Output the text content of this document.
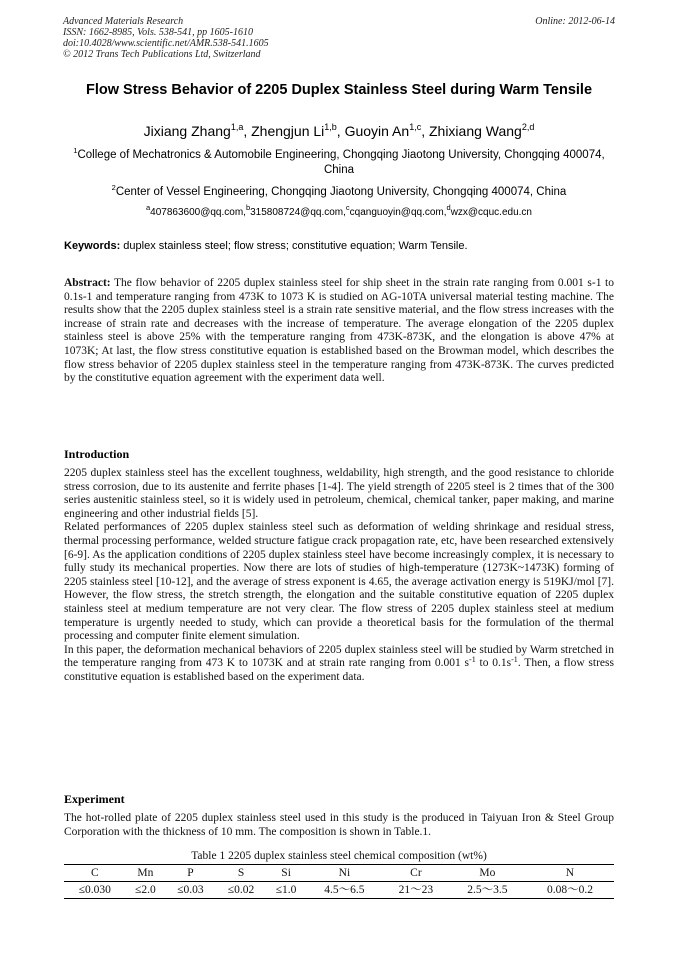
Advanced Materials Research
ISSN: 1662-8985, Vols. 538-541, pp 1605-1610
doi:10.4028/www.scientific.net/AMR.538-541.1605
© 2012 Trans Tech Publications Ltd, Switzerland
Online: 2012-06-14
Flow Stress Behavior of 2205 Duplex Stainless Steel during Warm Tensile
Jixiang Zhang$^{1,a}$, Zhengjun Li$^{1,b}$, Guoyin An$^{1,c}$, Zhixiang Wang$^{2,d}$
$^1$College of Mechatronics & Automobile Engineering, Chongqing Jiaotong University, Chongqing 400074, China
$^2$Center of Vessel Engineering, Chongqing Jiaotong University, Chongqing 400074, China
$^a$407863600@qq.com,$^b$315808724@qq.com,$^c$cqanguoyin@qq.com,$^d$wzx@cquc.edu.cn
Keywords: duplex stainless steel; flow stress; constitutive equation; Warm Tensile.
Abstract: The flow behavior of 2205 duplex stainless steel for ship sheet in the strain rate ranging from 0.001 s-1 to 0.1s-1 and temperature ranging from 473K to 1073 K is studied on AG-10TA universal material testing machine. The results show that the 2205 duplex stainless steel is a strain rate sensitive material, and the flow stress increases with the increase of strain rate and decreases with the increase of temperature. The average elongation of the 2205 duplex stainless steel is above 25% with the temperature ranging from 473K-873K, and the elongation is above 47% at 1073K; At last, the flow stress constitutive equation is established based on the Browman model, which describes the flow stress behavior of 2205 duplex stainless steel in the temperature ranging from 473K-873K. The curves predicted by the constitutive equation agreement with the experiment data well.
Introduction

2205 duplex stainless steel has the excellent toughness, weldability, high strength, and the good resistance to chloride stress corrosion, due to its austenite and ferrite phases [1-4]. The yield strength of 2205 steel is 2 times that of the 300 series austenitic stainless steel, so it is widely used in petroleum, chemical, chemical tanker, paper making, and marine engineering and other industrial fields [5].

Related performances of 2205 duplex stainless steel such as deformation of welding shrinkage and residual stress, thermal processing performance, welded structure fatigue crack propagation rate, etc, have been researched extensively [6-9]. As the application conditions of 2205 duplex stainless steel have become increasingly complex, it is necessary to fully study its mechanical properties. Now there are lots of studies of high-temperature (1273K~1473K) forming of 2205 stainless steel [10-12], and the average of stress exponent is 4.65, the average activation energy is 519KJ/mol [7]. However, the flow stress, the stretch strength, the elongation and the suitable constitutive equation of 2205 duplex stainless steel at medium temperature are not very clear. The flow stress of 2205 duplex stainless steel at medium temperature is urgently needed to study, which can provide a theoretical basis for the formulation of the thermal processing and computer finite element simulation.

In this paper, the deformation mechanical behaviors of 2205 duplex stainless steel will be studied by Warm stretched in the temperature ranging from 473 K to 1073K and at strain rate ranging from 0.001 $s^{-1}$ to $0.1s^{-1}$. Then, a flow stress constitutive equation is established based on the experiment data.

Experiment

The hot-rolled plate of 2205 duplex stainless steel used in this study is the produced in Taiyuan Iron & Steel Group Corporation with the thickness of 10 mm. The composition is shown in Table.1.

Table 1 2205 duplex stainless steel chemical composition (wt%)
C	Mn	P	S	Si	Ni	Cr	Mo	N
≤0.030	≤2.0	≤0.03	≤0.02	≤1.0	4.5～6.5	21～23	2.5～3.5	0.08～0.2
